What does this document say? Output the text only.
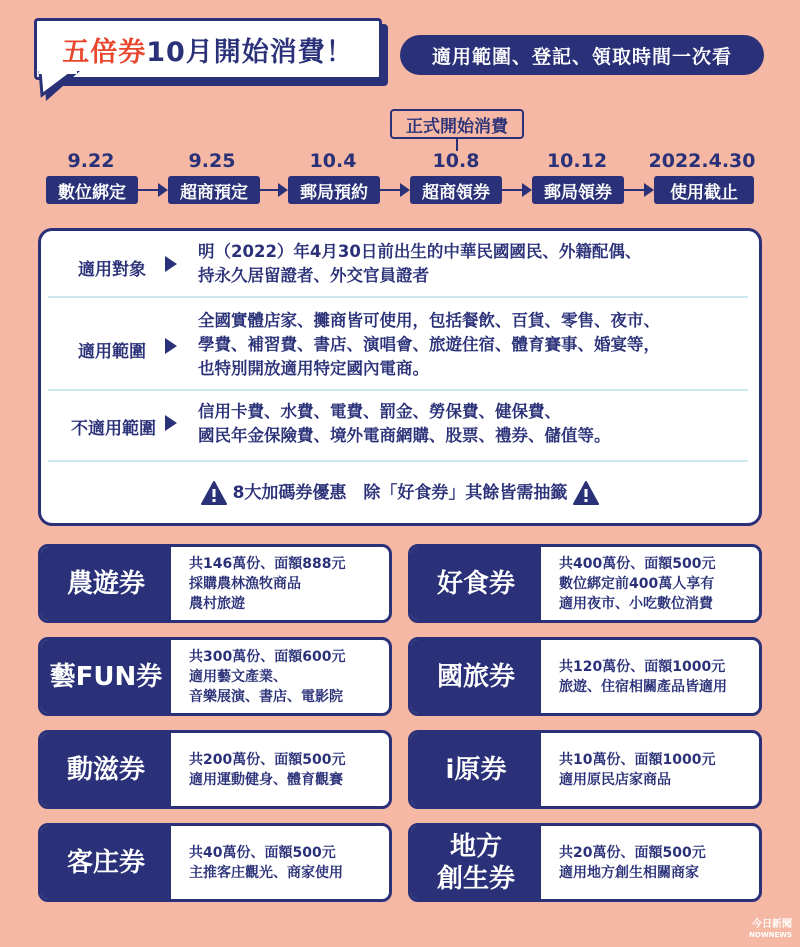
五倍券 10月開始消費！	適用範圍、登記、領取時間一次看
正式開始消費
9.22	9.25	10.4	10.8	10.12	2022.4.30
數位綁定	超商預定	郵局預約	超商領券	郵局領券	使用截止
適用對象
明（2022）年4月30日前出生的中華民國國民、外籍配偶、
持永久居留證者、外交官員證者
適用範圍
全國實體店家、攤商皆可使用，包括餐飲、百貨、零售、夜市、
學費、補習費、書店、演唱會、旅遊住宿、體育賽事、婚宴等，
也特別開放適用特定國內電商。
不適用範圍
信用卡費、水費、電費、罰金、勞保費、健保費、
國民年金保險費、境外電商網購、股票、禮券、儲值等。
8大加碼券優惠　除「好食券」其餘皆需抽籤
農遊券
共146萬份、面額888元
採購農林漁牧商品
農村旅遊
好食券
共400萬份、面額500元
數位綁定前400萬人享有
適用夜市、小吃數位消費
藝FUN券
共300萬份、面額600元
適用藝文產業、
音樂展演、書店、電影院
國旅券	共120萬份、面額1000元
旅遊、住宿相關產品皆適用
動滋券	共200萬份、面額500元
適用運動健身、體育觀賽	i原券	共10萬份、面額1000元
適用原民店家商品
客庄券	共40萬份、面額500元
主推客庄觀光、商家使用
地方
創生券
共20萬份、面額500元
適用地方創生相關商家
今日新聞
NOWNEWS
